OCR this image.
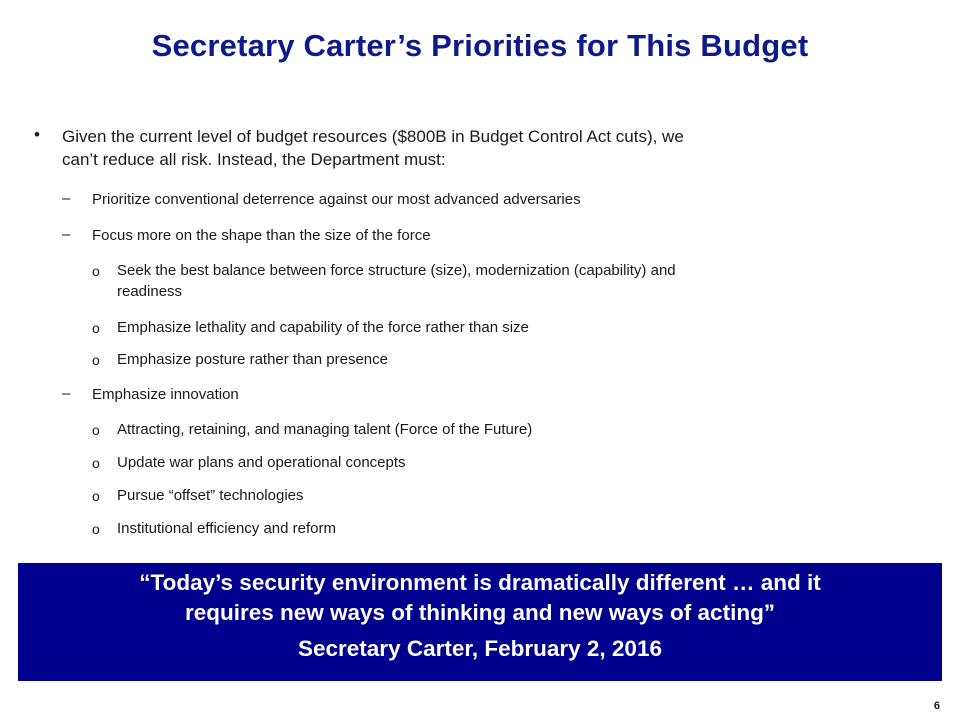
Secretary Carter’s Priorities for This Budget
• Given the current level of budget resources ($800B in Budget Control Act cuts), we
can’t reduce all risk. Instead, the Department must:
– Prioritize conventional deterrence against our most advanced adversaries
– Focus more on the shape than the size of the force
o Seek the best balance between force structure (size), modernization (capability) and
readiness
o Emphasize lethality and capability of the force rather than size
o Emphasize posture rather than presence
– Emphasize innovation
o Attracting, retaining, and managing talent (Force of the Future)
o Update war plans and operational concepts
o Pursue “offset” technologies
o Institutional efficiency and reform
“Today’s security environment is dramatically different … and it
requires new ways of thinking and new ways of acting”
Secretary Carter, February 2, 2016
6
